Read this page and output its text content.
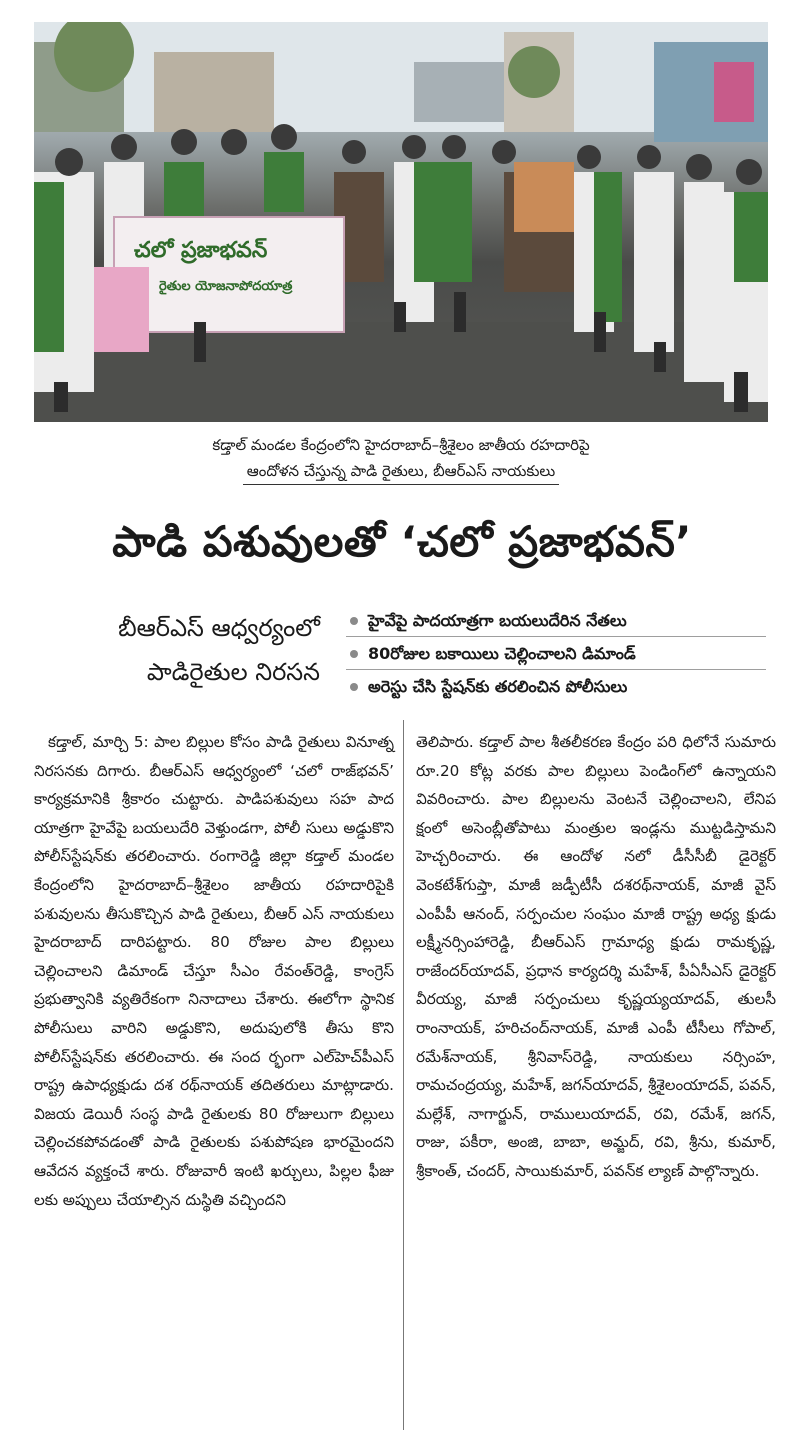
చలో ప్రజాభవన్
రైతుల యోజనాపోదయాత్ర
కడ్తాల్ మండల కేంద్రంలోని హైదరాబాద్–శ్రీశైలం జాతీయ రహదారిపై
ఆందోళన చేస్తున్న పాడి రైతులు, బీఆర్ఎస్ నాయకులు
పాడి పశువులతో ‘చలో ప్రజాభవన్’
బీఆర్ఎస్ ఆధ్వర్యంలో
పాడిరైతుల నిరసన
హైవేపై పాదయాత్రగా బయలుదేరిన నేతలు
80రోజుల బకాయిలు చెల్లించాలని డిమాండ్
అరెస్టు చేసి స్టేషన్‌కు తరలించిన పోలీసులు

కడ్తాల్, మార్చి 5: పాల బిల్లుల కోసం పాడి రైతులు వినూత్న నిరసనకు దిగారు. బీఆర్ఎస్ ఆధ్వర్యంలో ‘చలో రాజ్‌భవన్’ కార్యక్రమానికి శ్రీకారం చుట్టారు. పాడిపశువులు సహ పాద యాత్రగా హైవేపై బయలుదేరి వెళ్తుండగా, పోలీ సులు అడ్డుకొని పోలీస్‌స్టేషన్‌కు తరలించారు. రంగారెడ్డి జిల్లా కడ్తాల్ మండల కేంద్రంలోని హైదరాబాద్–శ్రీశైలం జాతీయ రహదారిపైకి పశువులను తీసుకొచ్చిన పాడి రైతులు, బీఆర్ ఎస్ నాయకులు హైదరాబాద్ దారిపట్టారు. 80 రోజుల పాల బిల్లులు చెల్లించాలని డిమాండ్ చేస్తూ సీఎం రేవంత్‌రెడ్డి, కాంగ్రెస్ ప్రభుత్వానికి వ్యతిరేకంగా నినాదాలు చేశారు. ఈలోగా స్థానిక పోలీసులు వారిని అడ్డుకొని, అదుపులోకి తీసు కొని పోలీస్‌స్టేషన్‌కు తరలించారు. ఈ సంద ర్భంగా ఎల్‌హెచ్‌పీఎస్ రాష్ట్ర ఉపాధ్యక్షుడు దశ రథ్‌నాయక్ తదితరులు మాట్లాడారు. విజయ డెయిరీ సంస్థ పాడి రైతులకు 80 రోజులుగా బిల్లులు చెల్లించకపోవడంతో పాడి రైతులకు పశుపోషణ భారమైందని ఆవేదన వ్యక్తంచే శారు. రోజువారీ ఇంటి ఖర్చులు, పిల్లల ఫీజు లకు అప్పులు చేయాల్సిన దుస్థితి వచ్చిందని

తెలిపారు. కడ్తాల్ పాల శీతలీకరణ కేంద్రం పరి ధిలోనే సుమారు రూ.20 కోట్ల వరకు పాల బిల్లులు పెండింగ్‌లో ఉన్నాయని వివరించారు. పాల బిల్లులను వెంటనే చెల్లించాలని, లేనిప క్షంలో అసెంబ్లీతోపాటు మంత్రుల ఇండ్లను ముట్టడిస్తామని హెచ్చరించారు. ఈ ఆందోళ నలో డీసీసీబీ డైరెక్టర్ వెంకటేశ్‌గుప్తా, మాజీ జడ్పీటీసీ దశరథ్‌నాయక్, మాజీ వైస్ ఎంపీపీ ఆనంద్, సర్పంచుల సంఘం మాజీ రాష్ట్ర అధ్య క్షుడు లక్ష్మీనర్సింహారెడ్డి, బీఆర్ఎస్ గ్రామాధ్య క్షుడు రామకృష్ణ, రాజేందర్‌యాదవ్, ప్రధాన కార్యదర్శి మహేశ్, పీఏసీఎస్ డైరెక్టర్ వీరయ్య, మాజీ సర్పంచులు కృష్ణయ్యయాదవ్, తులసీ రాంనాయక్, హరిచంద్‌నాయక్, మాజీ ఎంపీ టీసీలు గోపాల్, రమేశ్‌నాయక్, శ్రీనివాస్‌రెడ్డి, నాయకులు నర్సింహ, రామచంద్రయ్య, మహేశ్, జగన్‌యాదవ్, శ్రీశైలంయాదవ్, పవన్, మల్లేశ్, నాగార్జున్, రాములుయాదవ్, రవి, రమేశ్, జగన్, రాజు, పకీరా, అంజి, బాబా, అమ్జద్, రవి, శ్రీను, కుమార్, శ్రీకాంత్, చందర్, సాయికుమార్, పవన్‌క ల్యాణ్ పాల్గొన్నారు.
